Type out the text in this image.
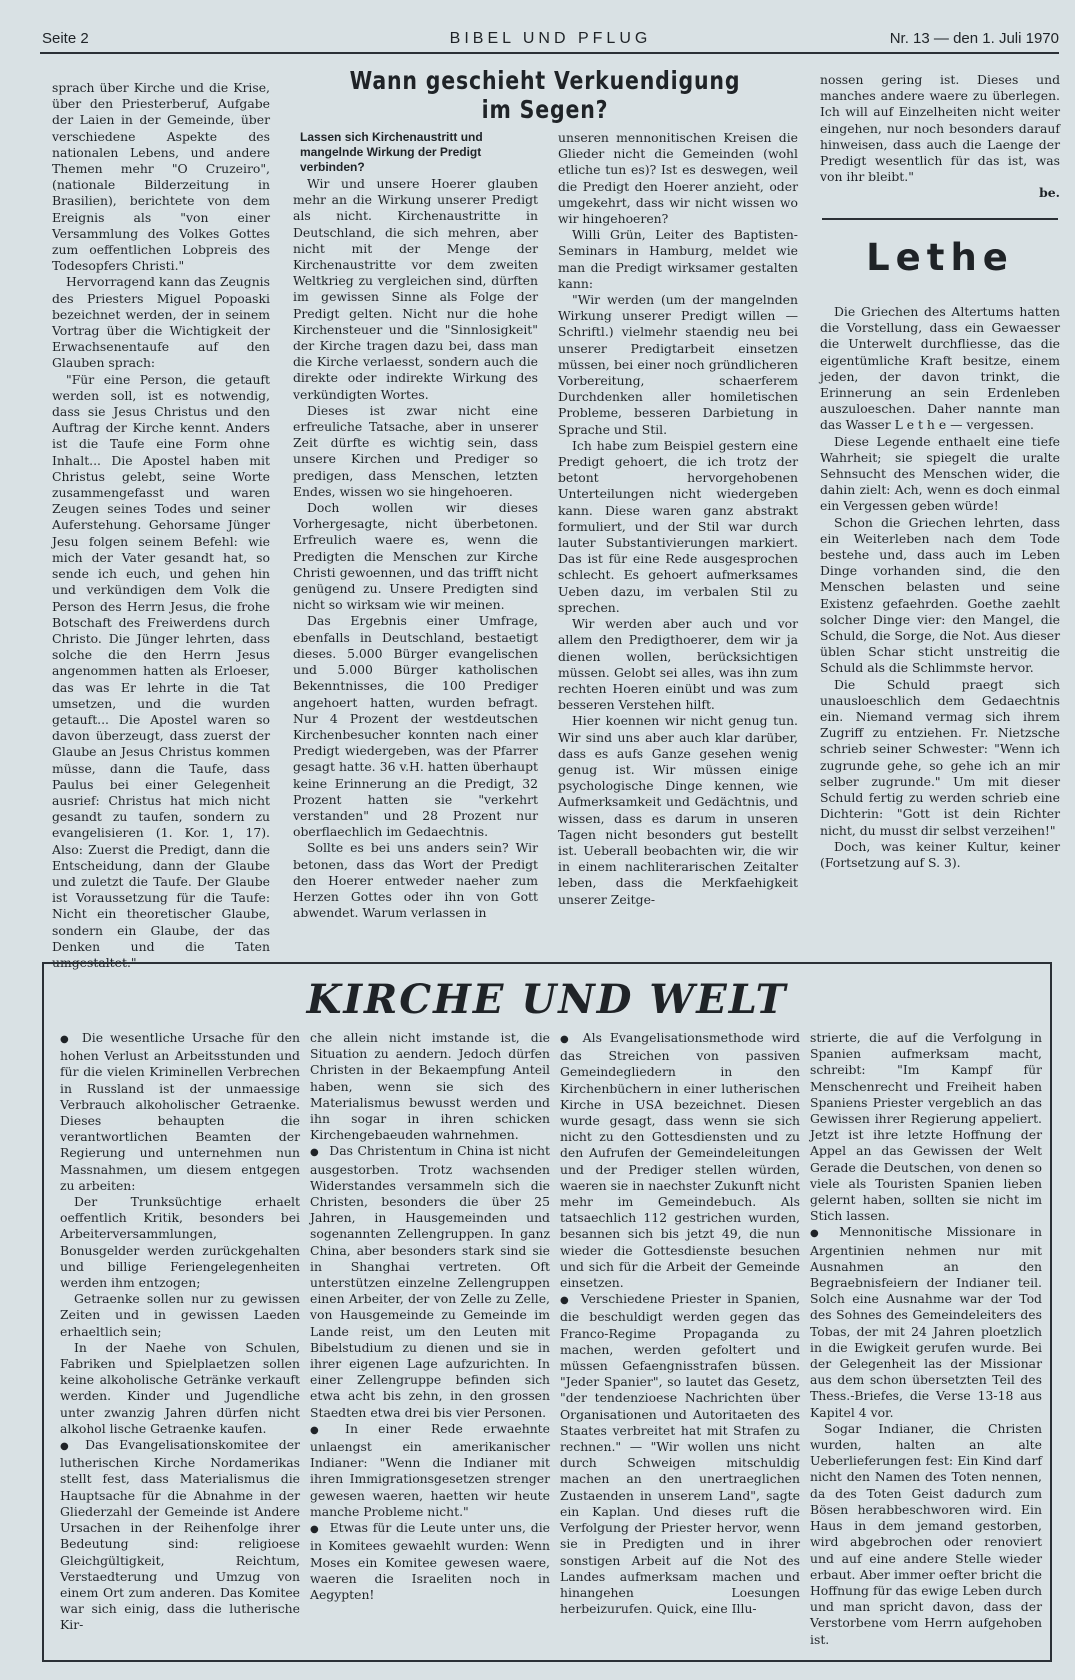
Seite 2	BIBEL UND PFLUG	Nr. 13 — den 1. Juli 1970

sprach über Kirche und die Krise, über den Priesterberuf, Aufgabe der Laien in der Gemeinde, über verschiedene Aspekte des nationalen Lebens, und andere Themen mehr "O Cruzeiro", (nationale Bilderzeitung in Brasilien), berichtete von dem Ereignis als "von einer Versammlung des Volkes Gottes zum oeffentlichen Lobpreis des Todesopfers Christi."

Hervorragend kann das Zeugnis des Priesters Miguel Popoaski bezeichnet werden, der in seinem Vortrag über die Wichtigkeit der Erwachsenentaufe auf den Glauben sprach:

"Für eine Person, die getauft werden soll, ist es notwendig, dass sie Jesus Christus und den Auftrag der Kirche kennt. Anders ist die Taufe eine Form ohne Inhalt... Die Apostel haben mit Christus gelebt, seine Worte zusammengefasst und waren Zeugen seines Todes und seiner Auferstehung. Gehorsame Jünger Jesu folgen seinem Befehl: wie mich der Vater gesandt hat, so sende ich euch, und gehen hin und verkündigen dem Volk die Person des Herrn Jesus, die frohe Botschaft des Freiwerdens durch Christo. Die Jünger lehrten, dass solche die den Herrn Jesus angenommen hatten als Erloeser, das was Er lehrte in die Tat umsetzen, und die wurden getauft... Die Apostel waren so davon überzeugt, dass zuerst der Glaube an Jesus Christus kommen müsse, dann die Taufe, dass Paulus bei einer Gelegenheit ausrief: Christus hat mich nicht gesandt zu taufen, sondern zu evangelisieren (1. Kor. 1, 17). Also: Zuerst die Predigt, dann die Entscheidung, dann der Glaube und zuletzt die Taufe. Der Glaube ist Voraussetzung für die Taufe: Nicht ein theoretischer Glaube, sondern ein Glaube, der das Denken und die Taten umgestaltet."

Wann geschieht Verkuendigung im Segen?
Lassen sich Kirchenaustritt und mangelnde Wirkung der Predigt verbinden?

Wir und unsere Hoerer glauben mehr an die Wirkung unserer Predigt als nicht. Kirchenaustritte in Deutschland, die sich mehren, aber nicht mit der Menge der Kirchenaustritte vor dem zweiten Weltkrieg zu vergleichen sind, dürften im gewissen Sinne als Folge der Predigt gelten. Nicht nur die hohe Kirchensteuer und die "Sinnlosigkeit" der Kirche tragen dazu bei, dass man die Kirche verlaesst, sondern auch die direkte oder indirekte Wirkung des verkündigten Wortes.

Dieses ist zwar nicht eine erfreuliche Tatsache, aber in unserer Zeit dürfte es wichtig sein, dass unsere Kirchen und Prediger so predigen, dass Menschen, letzten Endes, wissen wo sie hingehoeren.

Doch wollen wir dieses Vorhergesagte, nicht überbetonen. Erfreulich waere es, wenn die Predigten die Menschen zur Kirche Christi gewoennen, und das trifft nicht genügend zu. Unsere Predigten sind nicht so wirksam wie wir meinen.

Das Ergebnis einer Umfrage, ebenfalls in Deutschland, bestaetigt dieses. 5.000 Bürger evangelischen und 5.000 Bürger katholischen Bekenntnisses, die 100 Prediger angehoert hatten, wurden befragt. Nur 4 Prozent der westdeutschen Kirchenbesucher konnten nach einer Predigt wiedergeben, was der Pfarrer gesagt hatte. 36 v.H. hatten überhaupt keine Erinnerung an die Predigt, 32 Prozent hatten sie "verkehrt verstanden" und 28 Prozent nur oberflaechlich im Gedaechtnis.

Sollte es bei uns anders sein? Wir betonen, dass das Wort der Predigt den Hoerer entweder naeher zum Herzen Gottes oder ihn von Gott abwendet. Warum verlassen in

unseren mennonitischen Kreisen die Glieder nicht die Gemeinden (wohl etliche tun es)? Ist es deswegen, weil die Predigt den Hoerer anzieht, oder umgekehrt, dass wir nicht wissen wo wir hingehoeren?

Willi Grün, Leiter des Baptisten-Seminars in Hamburg, meldet wie man die Predigt wirksamer gestalten kann:

"Wir werden (um der mangelnden Wirkung unserer Predigt willen — Schriftl.) vielmehr staendig neu bei unserer Predigtarbeit einsetzen müssen, bei einer noch gründlicheren Vorbereitung, schaerferem Durchdenken aller homiletischen Probleme, besseren Darbietung in Sprache und Stil.

Ich habe zum Beispiel gestern eine Predigt gehoert, die ich trotz der betont hervorgehobenen Unterteilungen nicht wiedergeben kann. Diese waren ganz abstrakt formuliert, und der Stil war durch lauter Substantivierungen markiert. Das ist für eine Rede ausgesprochen schlecht. Es gehoert aufmerksames Ueben dazu, im verbalen Stil zu sprechen.

Wir werden aber auch und vor allem den Predigthoerer, dem wir ja dienen wollen, berücksichtigen müssen. Gelobt sei alles, was ihn zum rechten Hoeren einübt und was zum besseren Verstehen hilft.

Hier koennen wir nicht genug tun. Wir sind uns aber auch klar darüber, dass es aufs Ganze gesehen wenig genug ist. Wir müssen einige psychologische Dinge kennen, wie Aufmerksamkeit und Gedächtnis, und wissen, dass es darum in unseren Tagen nicht besonders gut bestellt ist. Ueberall beobachten wir, die wir in einem nachliterarischen Zeitalter leben, dass die Merkfaehigkeit unserer Zeitge-

nossen gering ist. Dieses und manches andere waere zu überlegen. Ich will auf Einzelheiten nicht weiter eingehen, nur noch besonders darauf hinweisen, dass auch die Laenge der Predigt wesentlich für das ist, was von ihr bleibt."

be.

Lethe

Die Griechen des Altertums hatten die Vorstellung, dass ein Gewaesser die Unterwelt durchfliesse, das die eigentümliche Kraft besitze, einem jeden, der davon trinkt, die Erinnerung an sein Erdenleben auszuloeschen. Daher nannte man das Wasser L e t h e — vergessen.

Diese Legende enthaelt eine tiefe Wahrheit; sie spiegelt die uralte Sehnsucht des Menschen wider, die dahin zielt: Ach, wenn es doch einmal ein Vergessen geben würde!

Schon die Griechen lehrten, dass ein Weiterleben nach dem Tode bestehe und, dass auch im Leben Dinge vorhanden sind, die den Menschen belasten und seine Existenz gefaehrden. Goethe zaehlt solcher Dinge vier: den Mangel, die Schuld, die Sorge, die Not. Aus dieser üblen Schar sticht unstreitig die Schuld als die Schlimmste hervor.

Die Schuld praegt sich unausloeschlich dem Gedaechtnis ein. Niemand vermag sich ihrem Zugriff zu entziehen. Fr. Nietzsche schrieb seiner Schwester: "Wenn ich zugrunde gehe, so gehe ich an mir selber zugrunde." Um mit dieser Schuld fertig zu werden schrieb eine Dichterin: "Gott ist dein Richter nicht, du musst dir selbst verzeihen!"

Doch, was keiner Kultur, keiner (Fortsetzung auf S. 3).

KIRCHE UND WELT

● Die wesentliche Ursache für den hohen Verlust an Arbeitsstunden und für die vielen Kriminellen Verbrechen in Russland ist der unmaessige Verbrauch alkoholischer Getraenke. Dieses behaupten die verantwortlichen Beamten der Regierung und unternehmen nun Massnahmen, um diesem entgegen zu arbeiten:

Der Trunksüchtige erhaelt oeffentlich Kritik, besonders bei Arbeiterversammlungen, Bonusgelder werden zurückgehalten und billige Feriengelegenheiten werden ihm entzogen;

Getraenke sollen nur zu gewissen Zeiten und in gewissen Laeden erhaeltlich sein;

In der Naehe von Schulen, Fabriken und Spielplaetzen sollen keine alkoholische Getränke verkauft werden. Kinder und Jugendliche unter zwanzig Jahren dürfen nicht alkohol lische Getraenke kaufen.

● Das Evangelisationskomitee der lutherischen Kirche Nordamerikas stellt fest, dass Materialismus die Hauptsache für die Abnahme in der Gliederzahl der Gemeinde ist Andere Ursachen in der Reihenfolge ihrer Bedeutung sind: religioese Gleichgültigkeit, Reichtum, Verstaedterung und Umzug von einem Ort zum anderen. Das Komitee war sich einig, dass die lutherische Kir-

che allein nicht imstande ist, die Situation zu aendern. Jedoch dürfen Christen in der Bekaempfung Anteil haben, wenn sie sich des Materialismus bewusst werden und ihn sogar in ihren schicken Kirchengebaeuden wahrnehmen.

● Das Christentum in China ist nicht ausgestorben. Trotz wachsenden Widerstandes versammeln sich die Christen, besonders die über 25 Jahren, in Hausgemeinden und sogenannten Zellengruppen. In ganz China, aber besonders stark sind sie in Shanghai vertreten. Oft unterstützen einzelne Zellengruppen einen Arbeiter, der von Zelle zu Zelle, von Hausgemeinde zu Gemeinde im Lande reist, um den Leuten mit Bibelstudium zu dienen und sie in ihrer eigenen Lage aufzurichten. In einer Zellengruppe befinden sich etwa acht bis zehn, in den grossen Staedten etwa drei bis vier Personen.

● In einer Rede erwaehnte unlaengst ein amerikanischer Indianer: "Wenn die Indianer mit ihren Immigrationsgesetzen strenger gewesen waeren, haetten wir heute manche Probleme nicht."

● Etwas für die Leute unter uns, die in Komitees gewaehlt wurden: Wenn Moses ein Komitee gewesen waere, waeren die Israeliten noch in Aegypten!

● Als Evangelisationsmethode wird das Streichen von passiven Gemeindegliedern in den Kirchenbüchern in einer lutherischen Kirche in USA bezeichnet. Diesen wurde gesagt, dass wenn sie sich nicht zu den Gottesdiensten und zu den Aufrufen der Gemeindeleitungen und der Prediger stellen würden, waeren sie in naechster Zukunft nicht mehr im Gemeindebuch. Als tatsaechlich 112 gestrichen wurden, besannen sich bis jetzt 49, die nun wieder die Gottesdienste besuchen und sich für die Arbeit der Gemeinde einsetzen.

● Verschiedene Priester in Spanien, die beschuldigt werden gegen das Franco-Regime Propaganda zu machen, werden gefoltert und müssen Gefaengnisstrafen büssen. "Jeder Spanier", so lautet das Gesetz, "der tendenzioese Nachrichten über Organisationen und Autoritaeten des Staates verbreitet hat mit Strafen zu rechnen." — "Wir wollen uns nicht durch Schweigen mitschuldig machen an den unertraeglichen Zustaenden in unserem Land", sagte ein Kaplan. Und dieses ruft die Verfolgung der Priester hervor, wenn sie in Predigten und in ihrer sonstigen Arbeit auf die Not des Landes aufmerksam machen und hinangehen Loesungen herbeizurufen. Quick, eine Illu-

strierte, die auf die Verfolgung in Spanien aufmerksam macht, schreibt: "Im Kampf für Menschenrecht und Freiheit haben Spaniens Priester vergeblich an das Gewissen ihrer Regierung appeliert. Jetzt ist ihre letzte Hoffnung der Appel an das Gewissen der Welt Gerade die Deutschen, von denen so viele als Touristen Spanien lieben gelernt haben, sollten sie nicht im Stich lassen.

● Mennonitische Missionare in Argentinien nehmen nur mit Ausnahmen an den Begraebnisfeiern der Indianer teil. Solch eine Ausnahme war der Tod des Sohnes des Gemeindeleiters des Tobas, der mit 24 Jahren ploetzlich in die Ewigkeit gerufen wurde. Bei der Gelegenheit las der Missionar aus dem schon übersetzten Teil des Thess.-Briefes, die Verse 13-18 aus Kapitel 4 vor.

Sogar Indianer, die Christen wurden, halten an alte Ueberlieferungen fest: Ein Kind darf nicht den Namen des Toten nennen, da des Toten Geist dadurch zum Bösen herabbeschworen wird. Ein Haus in dem jemand gestorben, wird abgebrochen oder renoviert und auf eine andere Stelle wieder erbaut. Aber immer oefter bricht die Hoffnung für das ewige Leben durch und man spricht davon, dass der Verstorbene vom Herrn aufgehoben ist.
